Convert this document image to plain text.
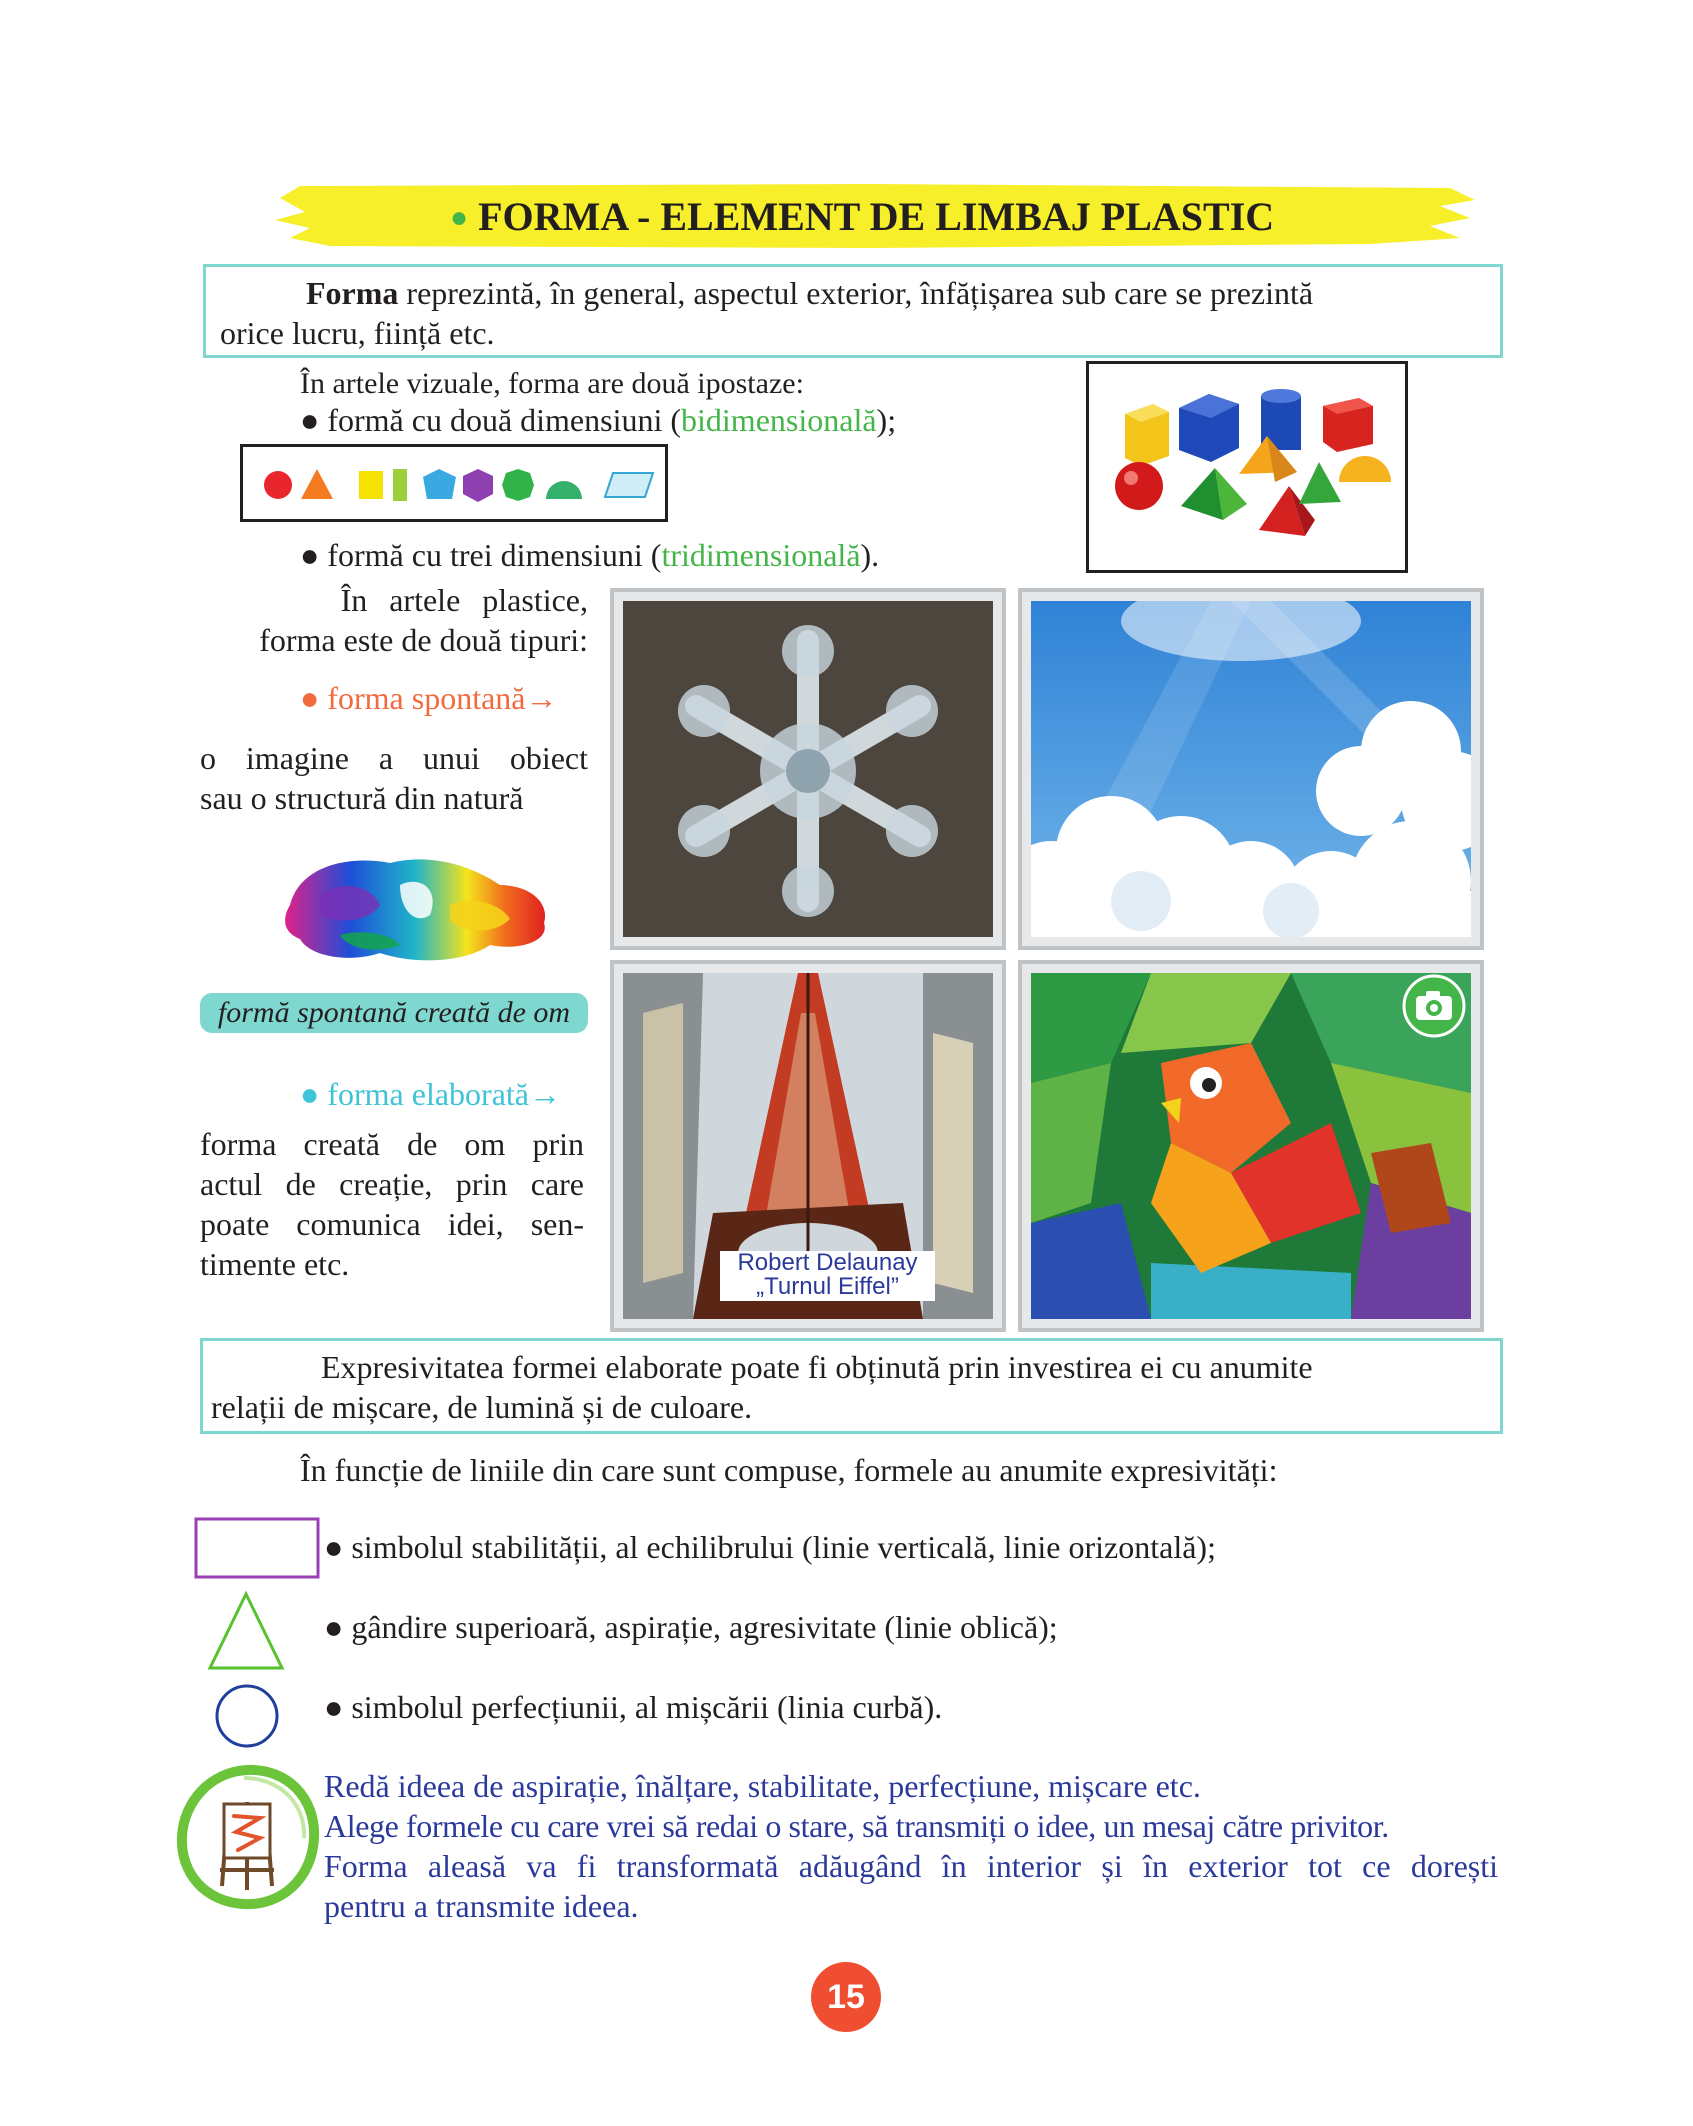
● FORMA - ELEMENT DE LIMBAJ PLASTIC
Forma reprezintă, în general, aspectul exterior, înfățișarea sub care se prezintă
orice lucru, ființă etc.
În artele vizuale, forma are două ipostaze:
● formă cu două dimensiuni (bidimensională);
● formă cu trei dimensiuni (tridimensională).
În artele plastice,
forma este de două tipuri:
● forma spontană→
o imagine a unui obiect
sau o structură din natură
formă spontană creată de om
● forma elaborată→
forma creată de om prin
actul de creație, prin care
poate comunica idei, sen-
timente etc.	Robert Delaunay
„Turnul Eiffel”
Expresivitatea formei elaborate poate fi obținută prin investirea ei cu anumite
relații de mișcare, de lumină și de culoare.
În funcție de liniile din care sunt compuse, formele au anumite expresivități:
● simbolul stabilității, al echilibrului (linie verticală, linie orizontală);
● gândire superioară, aspirație, agresivitate (linie oblică);
● simbolul perfecțiunii, al mișcării (linia curbă).
Redă ideea de aspirație, înălțare, stabilitate, perfecțiune, mișcare etc.
Alege formele cu care vrei să redai o stare, să transmiți o idee, un mesaj către privitor.
Forma aleasă va fi transformată adăugând în interior și în exterior tot ce dorești
pentru a transmite ideea.
15
